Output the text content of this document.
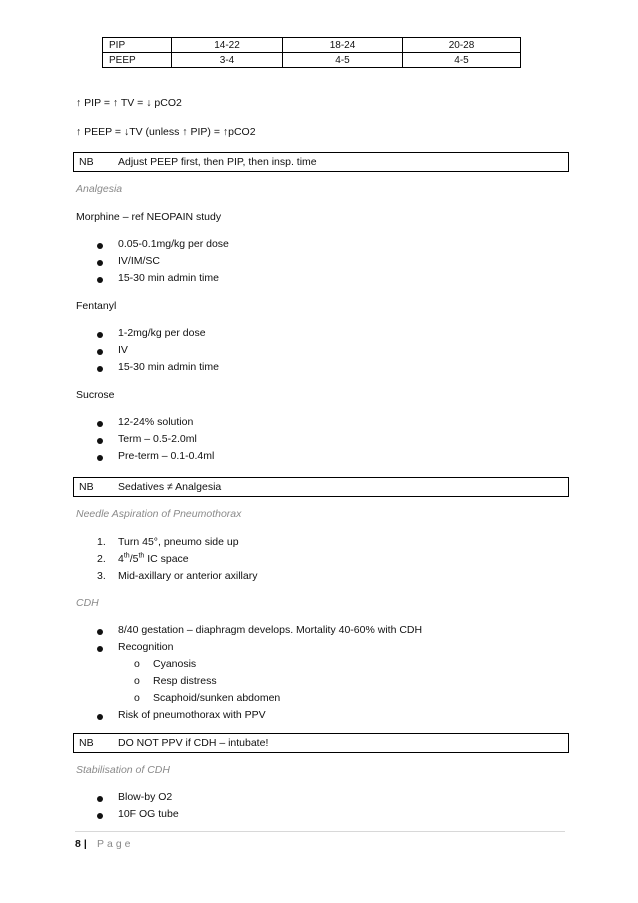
PIP	14-22	18-24	20-28
PEEP	3-4	4-5	4-5
↑ PIP = ↑ TV = ↓ pCO2
↑ PEEP = ↓TV (unless ↑ PIP) = ↑pCO2
NB Adjust PEEP first, then PIP, then insp. time
Analgesia
Morphine – ref NEOPAIN study
0.05-0.1mg/kg per dose
IV/IM/SC
15-30 min admin time
Fentanyl
1-2mg/kg per dose
IV
15-30 min admin time
Sucrose
12-24% solution
Term – 0.5-2.0ml
Pre-term – 0.1-0.4ml
NB Sedatives ≠ Analgesia
Needle Aspiration of Pneumothorax
1. Turn 45°, pneumo side up
2. 4th/5th IC space
3. Mid-axillary or anterior axillary
CDH
8/40 gestation – diaphragm develops. Mortality 40-60% with CDH
Recognition
o Cyanosis
o Resp distress
o Scaphoid/sunken abdomen
Risk of pneumothorax with PPV
NB DO NOT PPV if CDH – intubate!
Stabilisation of CDH
Blow-by O2
10F OG tube
8 | Page
